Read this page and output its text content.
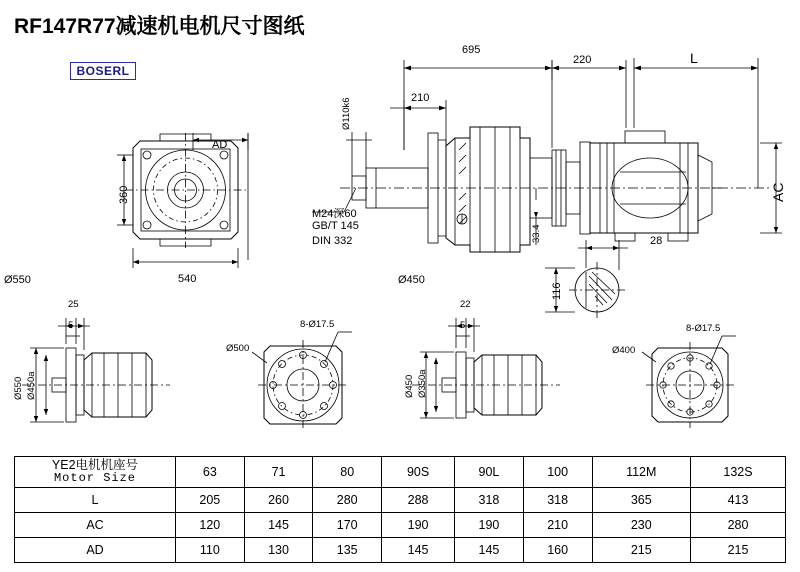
RF147R77减速机电机尺寸图纸
BOSERL
695
220	L
210
Ø110k6
AD
360
540
AC
33.4	28
116
M24深60
GB/T 145
DIN 332
Ø550	Ø450
25
5
Ø550 Ø450a
Ø500
8-Ø17.5
22
5
Ø450 Ø350a
Ø400
8-Ø17.5
YE2电机机座号
Motor Size	63	71	80	90S	90L	100	112M	132S
L	205	260	280	288	318	318	365	413
AC	120	145	170	190	190	210	230	280
AD	110	130	135	145	145	160	215	215
